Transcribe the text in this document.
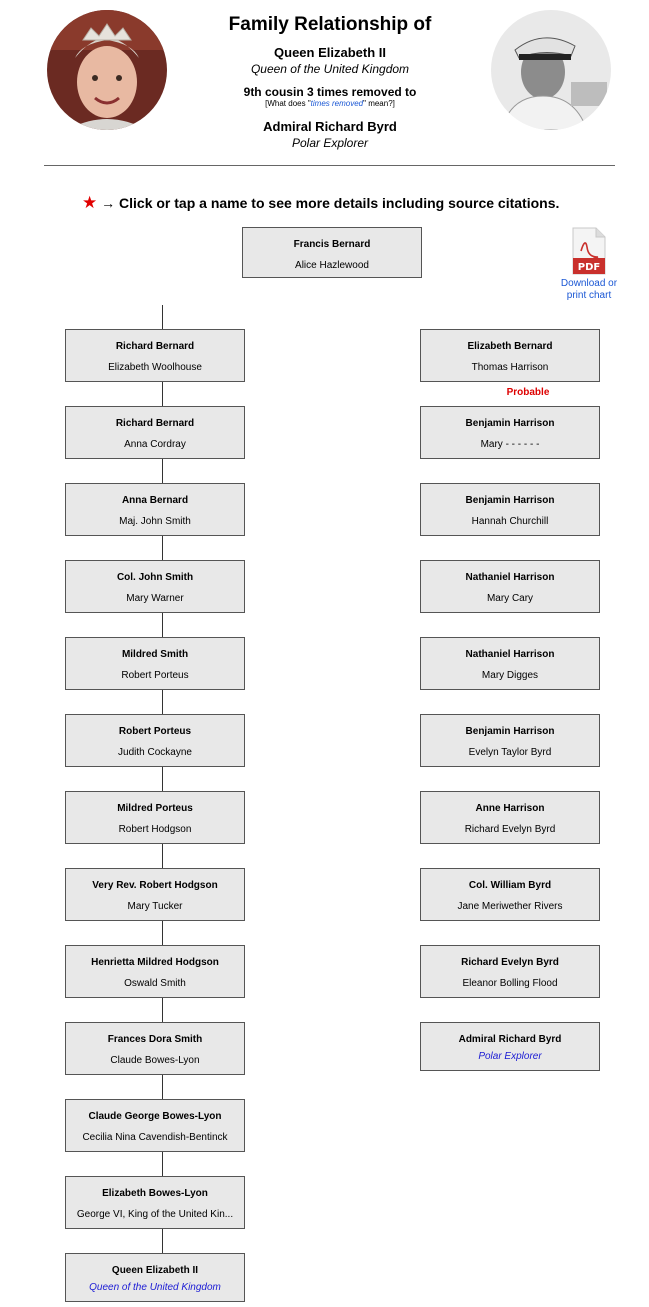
Family Relationship of
Queen Elizabeth II
Queen of the United Kingdom
9th cousin 3 times removed to
[What does "times removed" mean?]
Admiral Richard Byrd
Polar Explorer
★ → Click or tap a name to see more details including source citations.
PDF
Download or
print chart
Francis Bernard
Alice Hazlewood
Probable
Richard Bernard
Elizabeth Woolhouse
Richard Bernard
Anna Cordray
Anna Bernard
Maj. John Smith
Col. John Smith
Mary Warner
Mildred Smith
Robert Porteus
Robert Porteus
Judith Cockayne
Mildred Porteus
Robert Hodgson
Very Rev. Robert Hodgson
Mary Tucker
Henrietta Mildred Hodgson
Oswald Smith
Frances Dora Smith
Claude Bowes-Lyon
Claude George Bowes-Lyon
Cecilia Nina Cavendish-Bentinck
Elizabeth Bowes-Lyon
George VI, King of the United Kin...
Queen Elizabeth II
Queen of the United Kingdom
Elizabeth Bernard
Thomas Harrison
Benjamin Harrison
Mary - - - - - -
Benjamin Harrison
Hannah Churchill
Nathaniel Harrison
Mary Cary
Nathaniel Harrison
Mary Digges
Benjamin Harrison
Evelyn Taylor Byrd
Anne Harrison
Richard Evelyn Byrd
Col. William Byrd
Jane Meriwether Rivers
Richard Evelyn Byrd
Eleanor Bolling Flood
Admiral Richard Byrd
Polar Explorer
